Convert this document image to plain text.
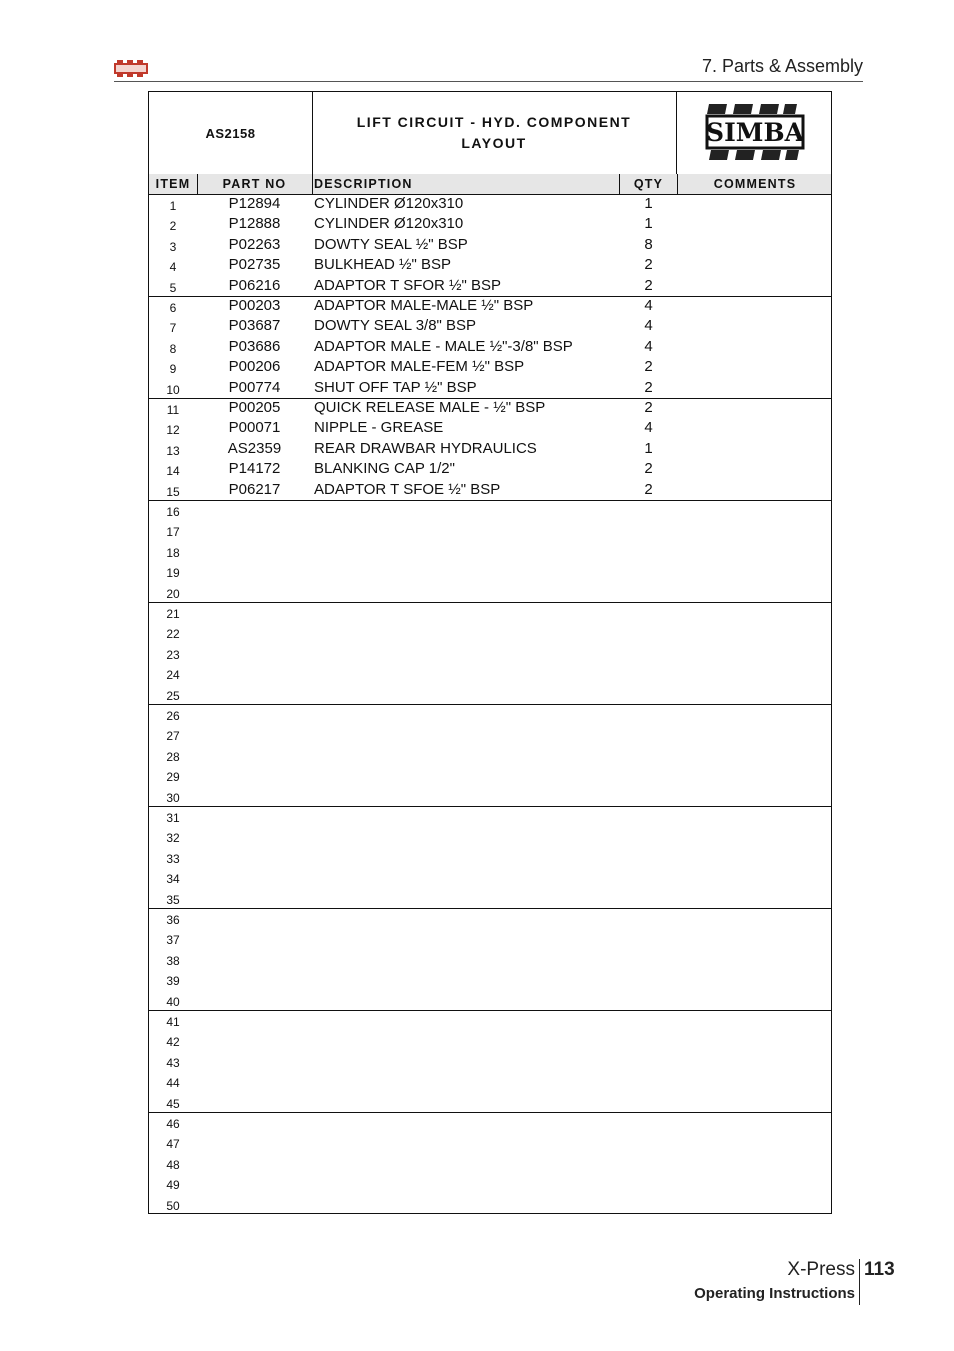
7. Parts & Assembly
AS2158
LIFT CIRCUIT - HYD. COMPONENT LAYOUT	SIMBA
ITEM	PART NO	DESCRIPTION	QTY	COMMENTS
1	P12894	CYLINDER Ø120x310	1
2	P12888	CYLINDER Ø120x310	1
3	P02263	DOWTY SEAL ½" BSP	8
4	P02735	BULKHEAD ½" BSP	2
5	P06216	ADAPTOR T SFOR ½" BSP	2
6	P00203	ADAPTOR MALE-MALE ½" BSP	4
7	P03687	DOWTY SEAL 3/8" BSP	4
8	P03686	ADAPTOR MALE - MALE ½"-3/8" BSP	4
9	P00206	ADAPTOR MALE-FEM ½" BSP	2
10	P00774	SHUT OFF TAP ½" BSP	2
11	P00205	QUICK RELEASE MALE - ½" BSP	2
12	P00071	NIPPLE - GREASE	4
13	AS2359	REAR DRAWBAR HYDRAULICS	1
14	P14172	BLANKING CAP 1/2"	2
15	P06217	ADAPTOR T SFOE ½" BSP	2
16
17
18
19
20
21
22
23
24
25
26
27
28
29
30
31
32
33
34
35
36
37
38
39
40
41
42
43
44
45
46
47
48
49
50
X-Press 113
Operating Instructions
